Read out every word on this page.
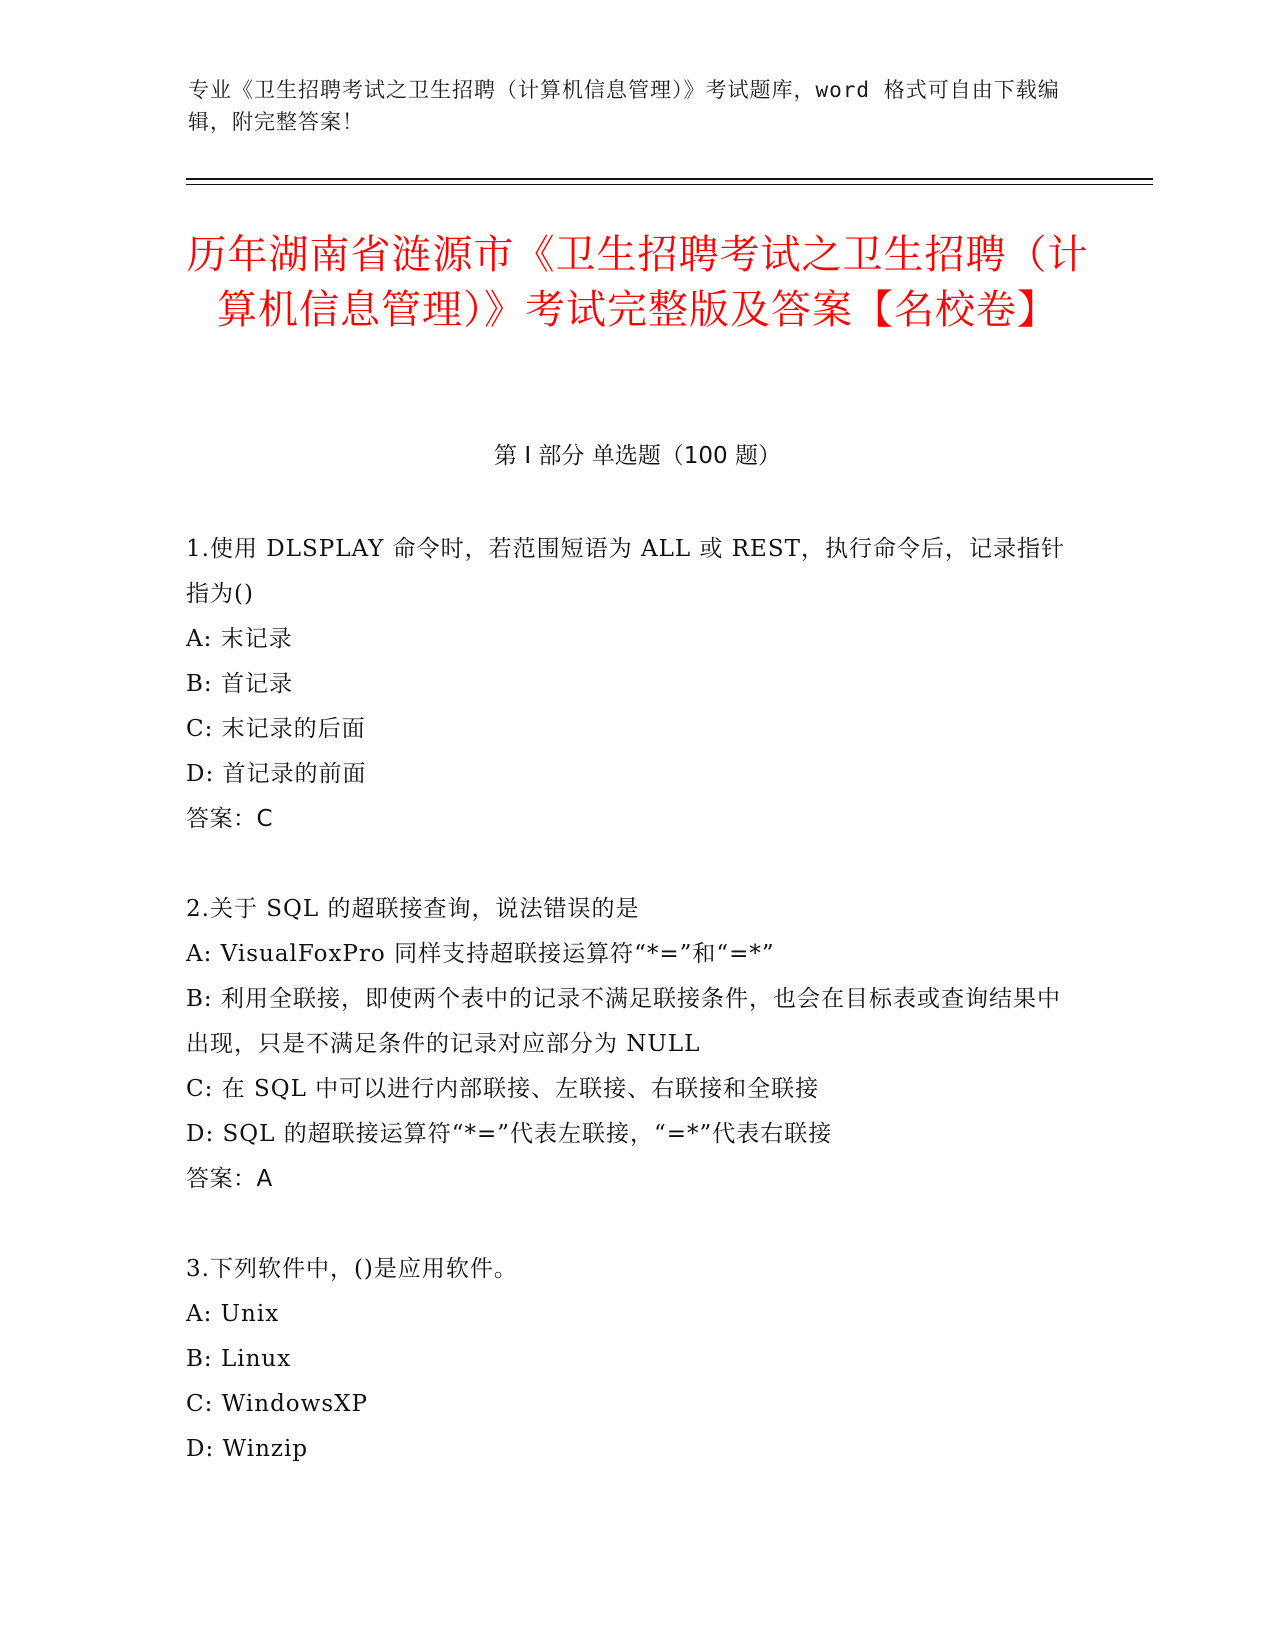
专业《卫生招聘考试之卫生招聘（计算机信息管理）》考试题库，word 格式可自由下载编辑，附完整答案！
历年湖南省涟源市《卫生招聘考试之卫生招聘（计算机信息管理）》考试完整版及答案【名校卷】
第 I 部分 单选题（100 题）

1.使用 DLSPLAY 命令时，若范围短语为 ALL 或 REST，执行命令后，记录指针指为()

A: 末记录

B: 首记录

C: 末记录的后面

D: 首记录的前面

答案：C

2.关于 SQL 的超联接查询，说法错误的是

A: VisualFoxPro 同样支持超联接运算符“*=”和“=*”

B: 利用全联接，即使两个表中的记录不满足联接条件，也会在目标表或查询结果中出现，只是不满足条件的记录对应部分为 NULL

C: 在 SQL 中可以进行内部联接、左联接、右联接和全联接

D: SQL 的超联接运算符“*=”代表左联接，“=*”代表右联接

答案：A

3.下列软件中，()是应用软件。

A: Unix

B: Linux

C: WindowsXP

D: Winzip
